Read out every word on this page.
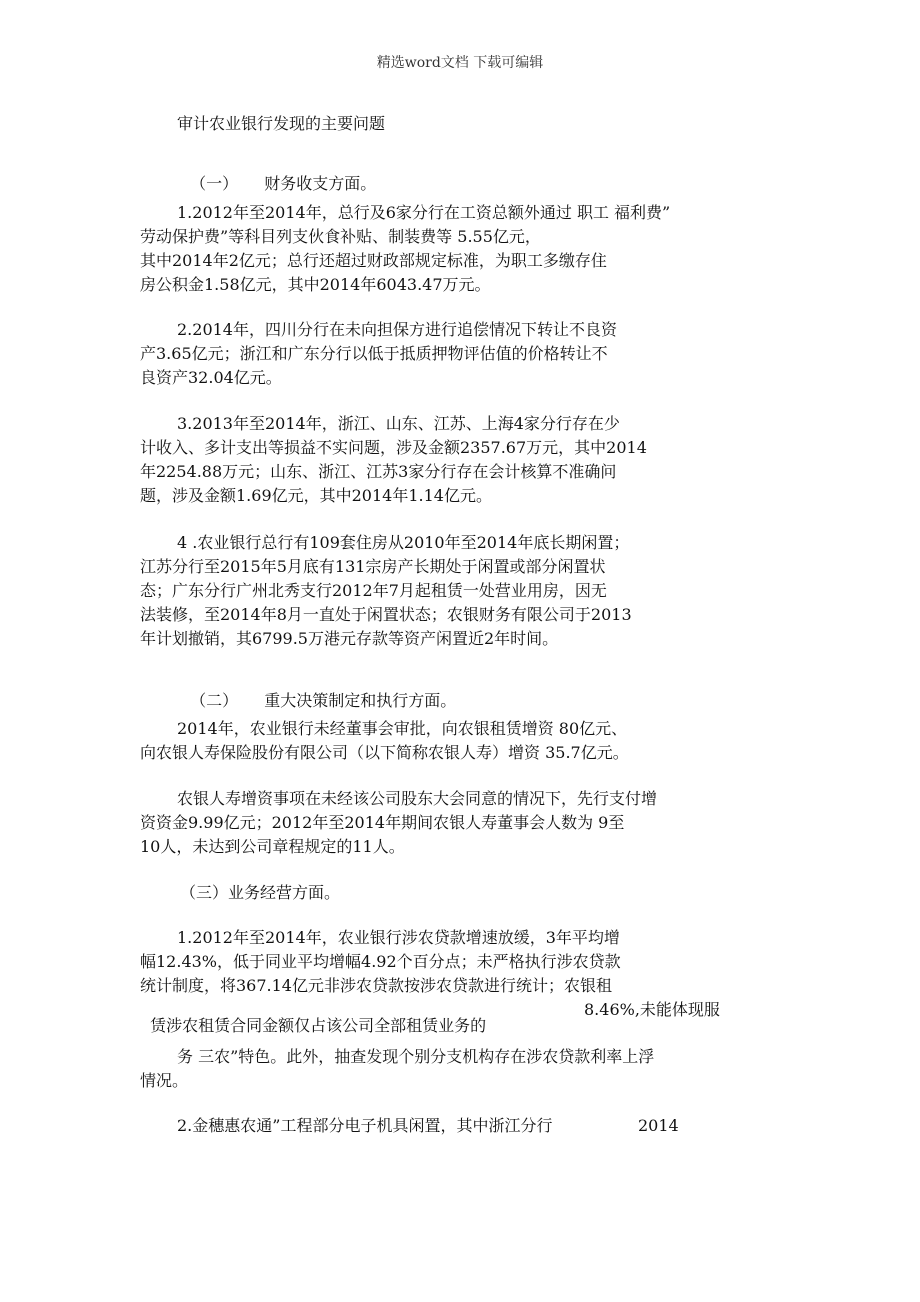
精选word文档 下载可编辑
审计农业银行发现的主要问题

（一） 财务收支方面。

1.2012年至2014年，总行及6家分行在工资总额外通过 职工 福利费”
劳动保护费”等科目列支伙食补贴、制装费等 5.55亿元，
其中2014年2亿元；总行还超过财政部规定标准，为职工多缴存住
房公积金1.58亿元，其中2014年6043.47万元。
2.2014年，四川分行在未向担保方进行追偿情况下转让不良资
产3.65亿元；浙江和广东分行以低于抵质押物评估值的价格转让不
良资产32.04亿元。
3.2013年至2014年，浙江、山东、江苏、上海4家分行存在少
计收入、多计支出等损益不实问题，涉及金额2357.67万元，其中2014
年2254.88万元；山东、浙江、江苏3家分行存在会计核算不准确问
题，涉及金额1.69亿元，其中2014年1.14亿元。
4 .农业银行总行有109套住房从2010年至2014年底长期闲置；
江苏分行至2015年5月底有131宗房产长期处于闲置或部分闲置状
态；广东分行广州北秀支行2012年7月起租赁一处营业用房，因无
法装修，至2014年8月一直处于闲置状态；农银财务有限公司于2013
年计划撤销，其6799.5万港元存款等资产闲置近2年时间。

（二） 重大决策制定和执行方面。

2014年，农业银行未经董事会审批，向农银租赁增资 80亿元、
向农银人寿保险股份有限公司（以下简称农银人寿）增资 35.7亿元。
农银人寿增资事项在未经该公司股东大会同意的情况下，先行支付增
资资金9.99亿元；2012年至2014年期间农银人寿董事会人数为 9至
10人，未达到公司章程规定的11人。
（三）业务经营方面。
1.2012年至2014年，农业银行涉农贷款增速放缓，3年平均增
幅12.43%，低于同业平均增幅4.92个百分点；未严格执行涉农贷款
统计制度，将367.14亿元非涉农贷款按涉农贷款进行统计；农银租

赁涉农租赁合同金额仅占该公司全部租赁业务的

8.46%,未能体现服
务 三农”特色。此外，抽查发现个别分支机构存在涉农贷款利率上浮
情况。
2.金穗惠农通”工程部分电子机具闲置，其中浙江分行	2014
